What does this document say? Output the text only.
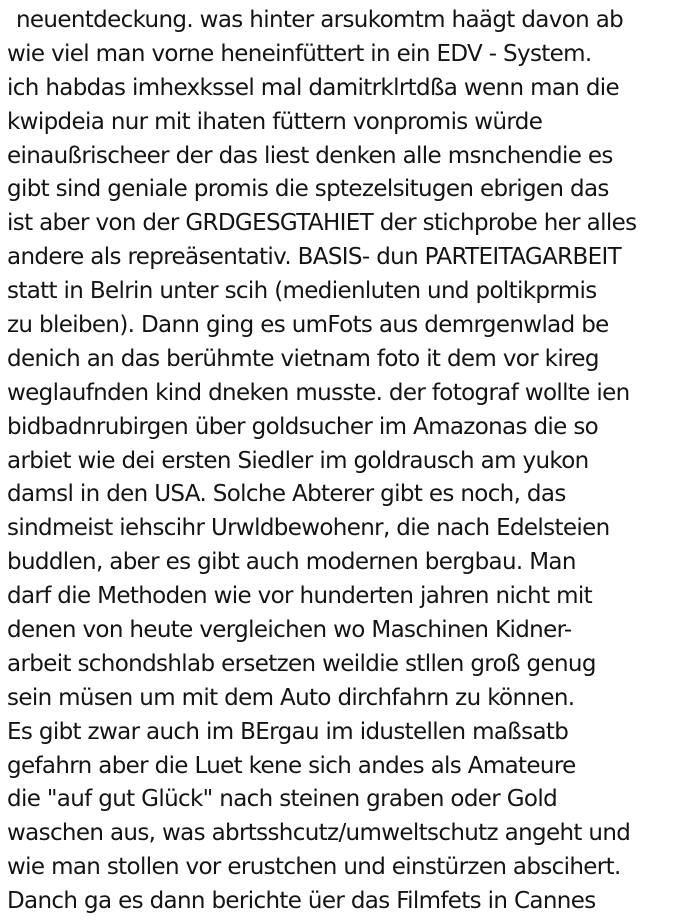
neuentdeckung. was hinter arsukomtm haägt davon ab
wie viel man vorne heneinfüttert in ein EDV - System.
ich habdas imhexkssel mal damitrklrtdßa wenn man die
kwipdeia nur mit ihaten füttern vonpromis würde
einaußrischeer der das liest denken alle msnchendie es
gibt sind geniale promis die sptezelsitugen ebrigen das
ist aber von der GRDGESGTAHIET der stichprobe her alles
andere als repreäsentativ. BASIS- dun PARTEITAGARBEIT
statt in Belrin unter scih (medienluten und poltikprmis
zu bleiben). Dann ging es umFots aus demrgenwlad be
denich an das berühmte vietnam foto it dem vor kireg
weglaufnden kind dneken musste. der fotograf wollte ien
bidbadnrubirgen über goldsucher im Amazonas die so
arbiet wie dei ersten Siedler im goldrausch am yukon
damsl in den USA. Solche Abterer gibt es noch, das
sindmeist iehscihr Urwldbewohenr, die nach Edelsteien
buddlen, aber es gibt auch modernen bergbau. Man
darf die Methoden wie vor hunderten jahren nicht mit
denen von heute vergleichen wo Maschinen Kidner-
arbeit schondshlab ersetzen weildie stllen groß genug
sein müsen um mit dem Auto dirchfahrn zu können.
Es gibt zwar auch im BErgau im idustellen maßsatb
gefahrn aber die Luet kene sich andes als Amateure
die "auf gut Glück" nach steinen graben oder Gold
waschen aus, was abrtsshcutz/umweltschutz angeht und
wie man stollen vor erustchen und einstürzen abscihert.
Danch ga es dann berichte üer das Filmfets in Cannes
